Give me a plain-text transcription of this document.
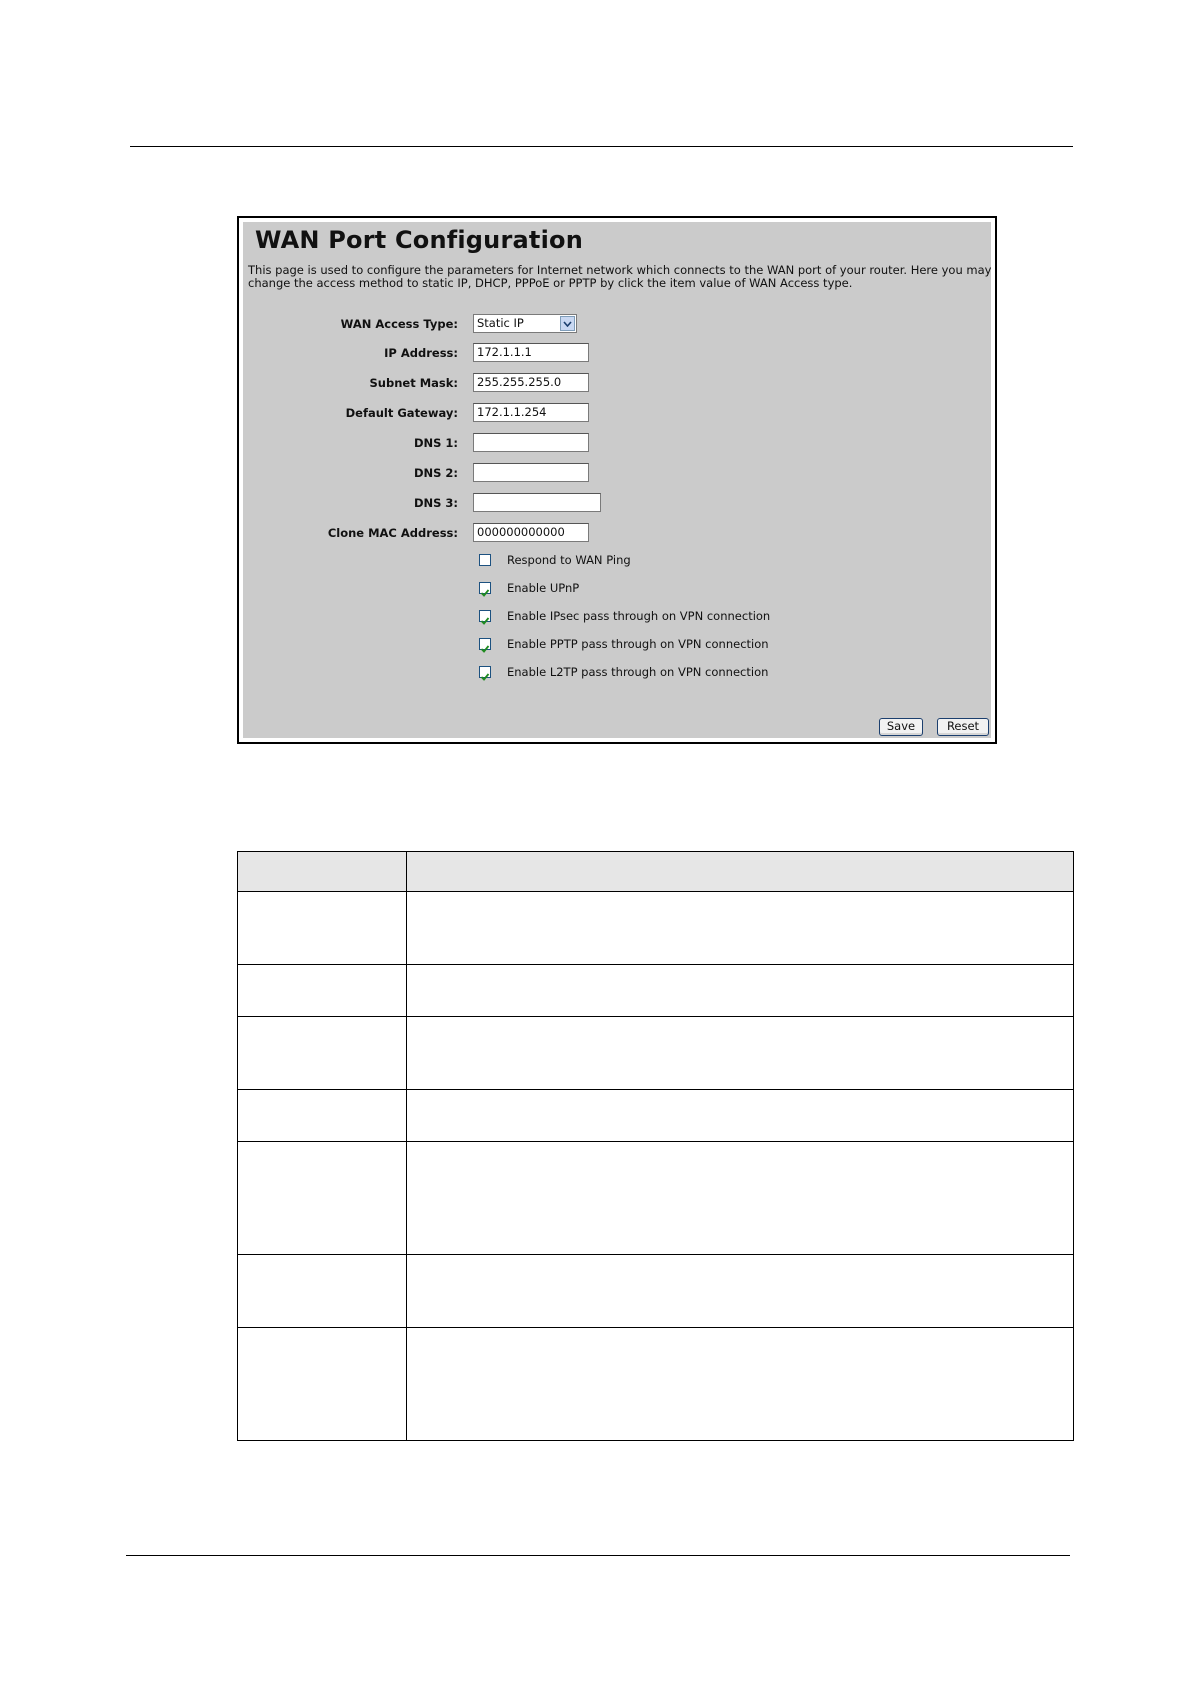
WAN Port Configuration
This page is used to configure the parameters for Internet network which connects to the WAN port of your router. Here you may change the access method to static IP, DHCP, PPPoE or PPTP by click the item value of WAN Access type.
WAN Access Type:	Static IP
IP Address:	172.1.1.1
Subnet Mask:	255.255.255.0
Default Gateway:	172.1.1.254
DNS 1:
DNS 2:
DNS 3:
Clone MAC Address:	000000000000
Respond to WAN Ping
Enable UPnP
Enable IPsec pass through on VPN connection
Enable PPTP pass through on VPN connection
Enable L2TP pass through on VPN connection
Save	Reset
